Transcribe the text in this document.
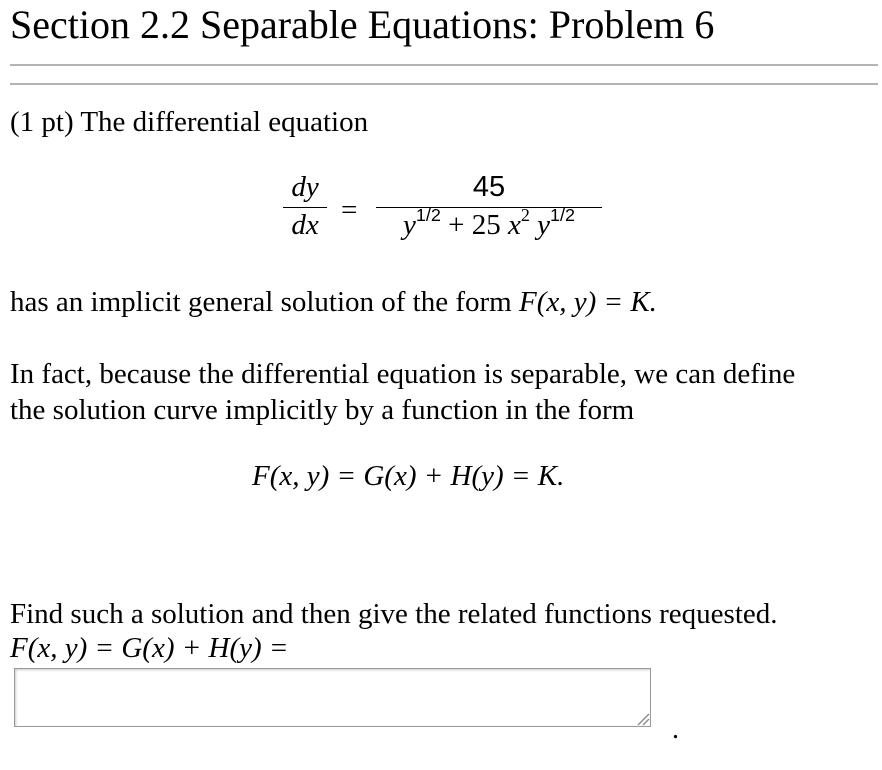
Section 2.2 Separable Equations: Problem 6
(1 pt) The differential equation
dy
dx =
45
$y^{1/2} + 25$ $x^2$ $y^{1/2}$
has an implicit general solution of the form F(x, y) = K.
In fact, because the differential equation is separable, we can define
the solution curve implicitly by a function in the form
F(x, y) = G(x) + H(y) = K.
Find such a solution and then give the related functions requested.
F(x, y) = G(x) + H(y) =
.
